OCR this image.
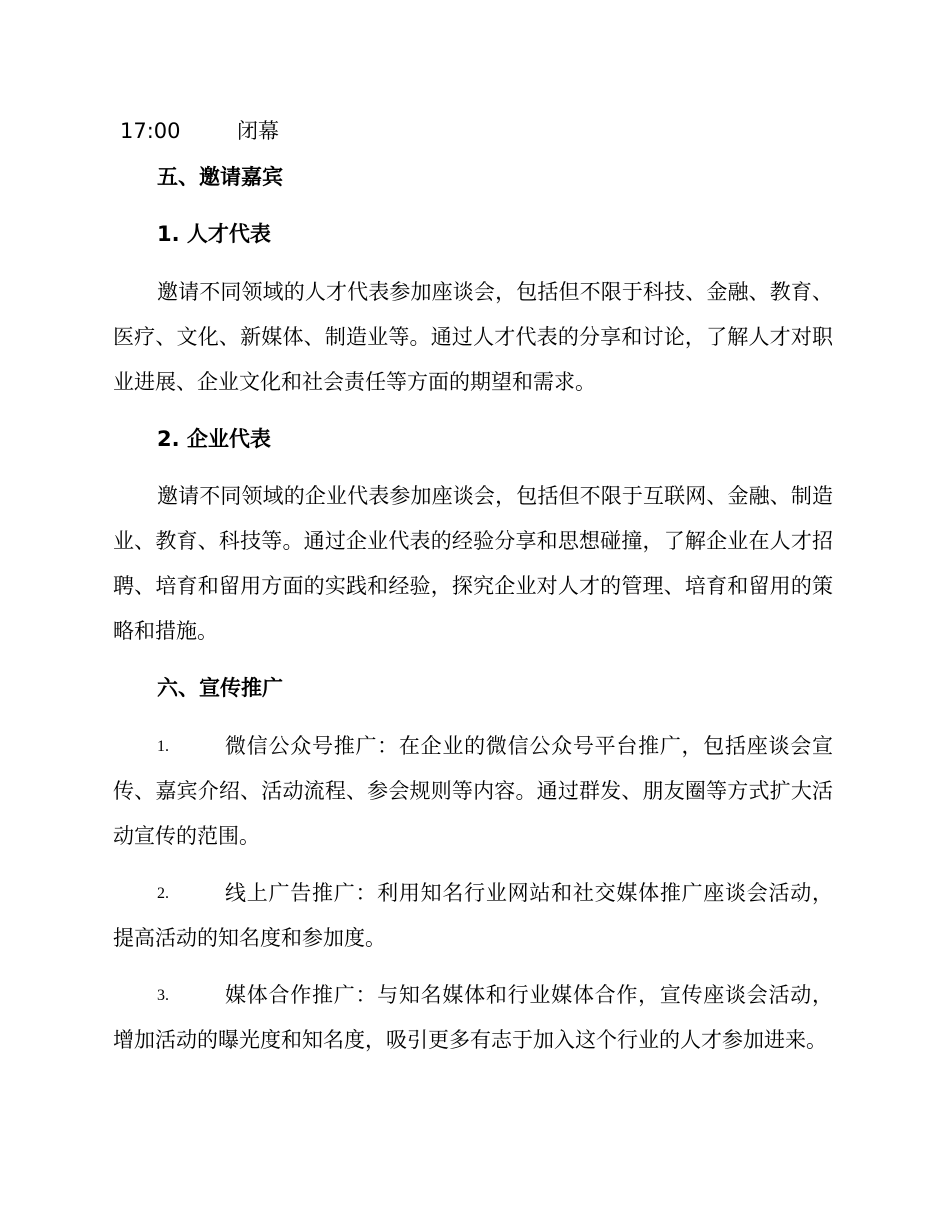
17:00	闭幕
五、邀请嘉宾
1. 人才代表

邀请不同领域的人才代表参加座谈会，包括但不限于科技、金融、教育、医疗、文化、新媒体、制造业等。通过人才代表的分享和讨论，了解人才对职业进展、企业文化和社会责任等方面的期望和需求。

2. 企业代表

邀请不同领域的企业代表参加座谈会，包括但不限于互联网、金融、制造业、教育、科技等。通过企业代表的经验分享和思想碰撞，了解企业在人才招聘、培育和留用方面的实践和经验，探究企业对人才的管理、培育和留用的策略和措施。

六、宣传推广
1.	微信公众号推广：在企业的微信公众号平台推广，包括座谈会宣传、嘉宾介绍、活动流程、参会规则等内容。通过群发、朋友圈等方式扩大活动宣传的范围。

2.	线上广告推广：利用知名行业网站和社交媒体推广座谈会活动，提高活动的知名度和参加度。

3.	媒体合作推广：与知名媒体和行业媒体合作，宣传座谈会活动，增加活动的曝光度和知名度，吸引更多有志于加入这个行业的人才参加进来。
